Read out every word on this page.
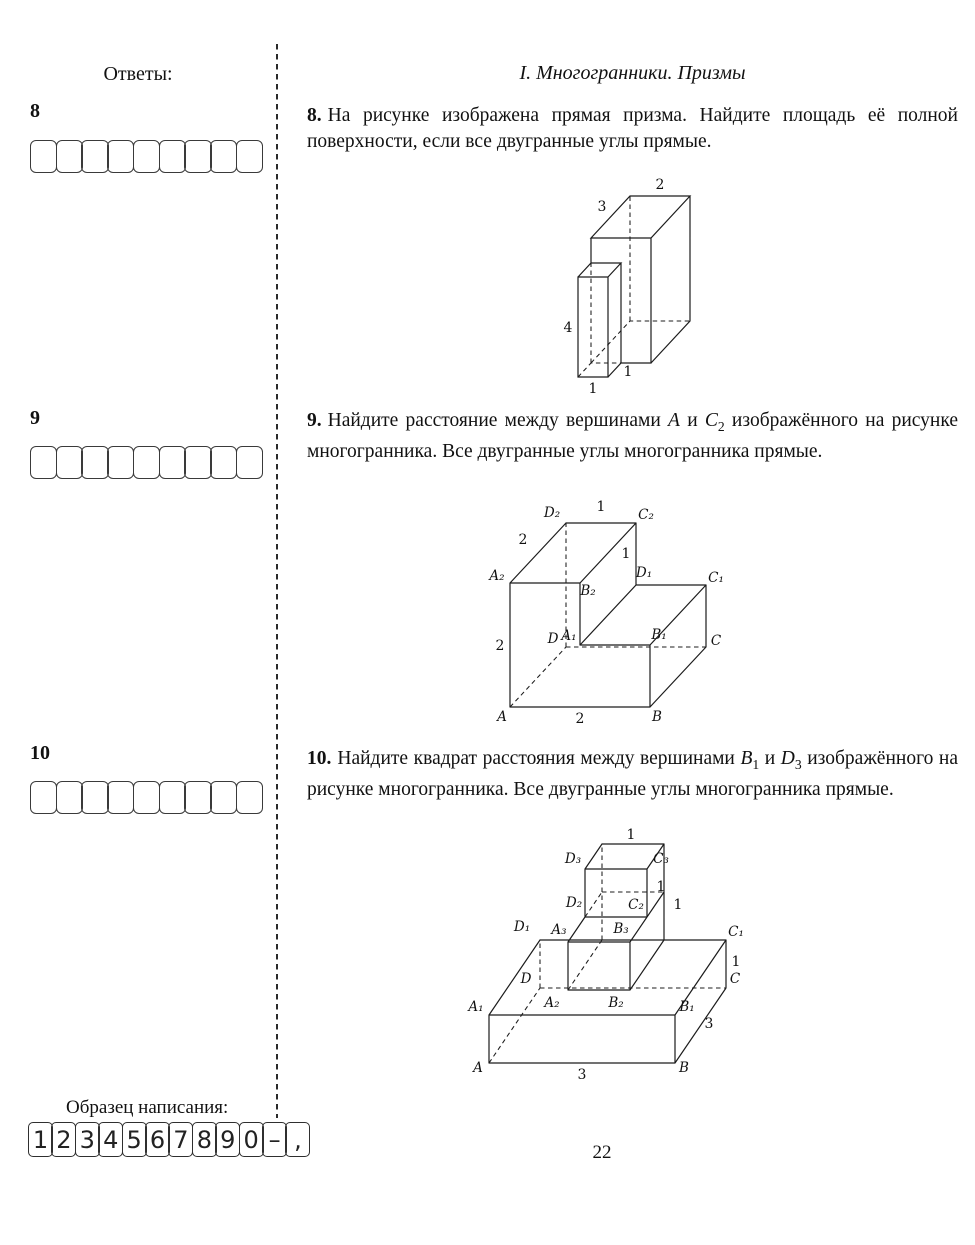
Ответы:
8
9
10
Образец написания:
1 2 3 4 5 6 7 8 9 0 – ,
I. Многогранники. Призмы

8. На рисунке изображена прямая призма. Найдите площадь её полной поверхности, если все двугранные углы прямые.

2
3
4
1
1

9. Найдите расстояние между вершинами A и $C_2$ изображённого на рисунке многогранника. Все двугранные углы многогранника прямые.

A	B
C
D A₁	B₁
C₁
D₁
A₂
B₂
C₂
D₂	1
2
1
2
2

10. Найдите квадрат расстояния между вершинами $B_1$ и $D_3$ изображённого на рисунке многогранника. Все двугранные углы многогранника прямые.

A	B
C
D
A₁	B₁
C₁
D₁
A₂	B₂
C₂
D₂
A₃	B₃
C₃
D₃
1
1
1
1
3
3
22
